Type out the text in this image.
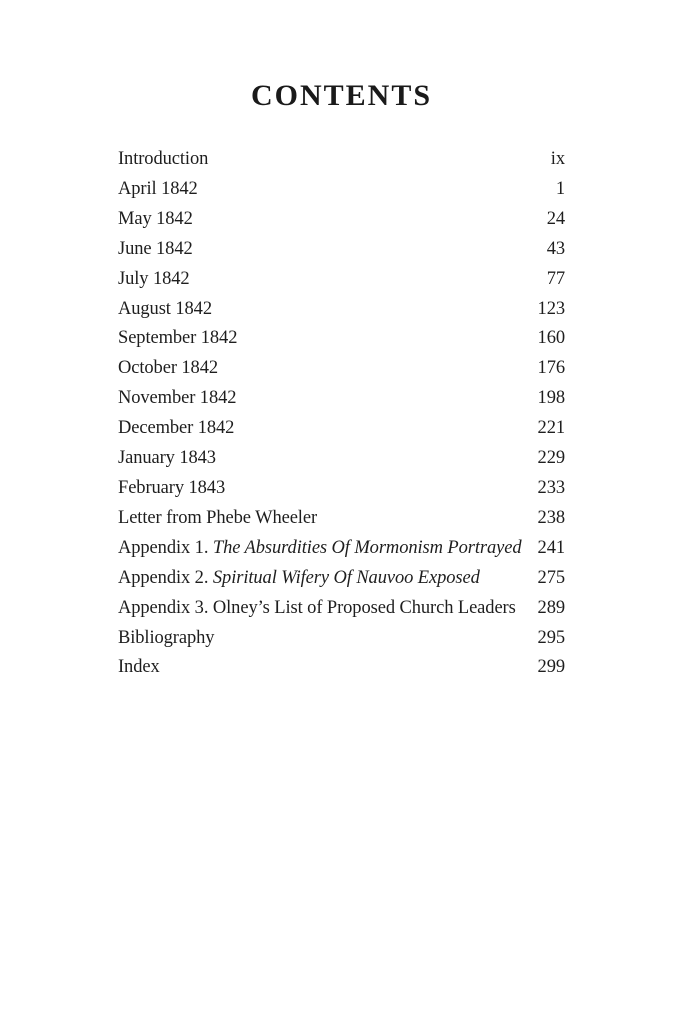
CONTENTS
Introduction	ix
April 1842	1
May 1842	24
June 1842	43
July 1842	77
August 1842	123
September 1842	160
October 1842	176
November 1842	198
December 1842	221
January 1843	229
February 1843	233
Letter from Phebe Wheeler	238
Appendix 1. The Absurdities Of Mormonism Portrayed 241
Appendix 2. Spiritual Wifery Of Nauvoo Exposed	275
Appendix 3. Olney’s List of Proposed Church Leaders	289
Bibliography	295
Index	299
